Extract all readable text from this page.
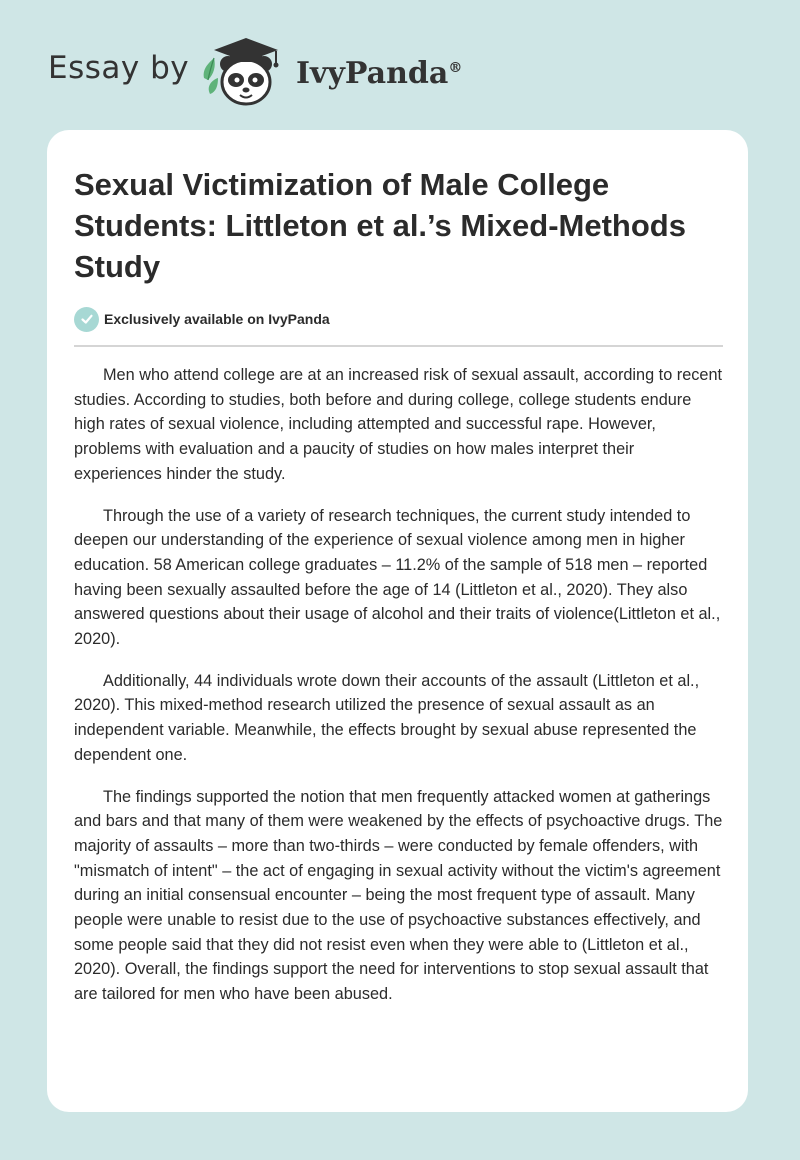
Essay by	IvyPanda®
Sexual Victimization of Male College Students: Littleton et al.’s Mixed-Methods Study
Exclusively available on IvyPanda

Men who attend college are at an increased risk of sexual assault, according to recent studies. According to studies, both before and during college, college students endure high rates of sexual violence, including attempted and successful rape. However, problems with evaluation and a paucity of studies on how males interpret their experiences hinder the study.

Through the use of a variety of research techniques, the current study intended to deepen our understanding of the experience of sexual violence among men in higher education. 58 American college graduates – 11.2% of the sample of 518 men – reported having been sexually assaulted before the age of 14 (Littleton et al., 2020). They also answered questions about their usage of alcohol and their traits of violence(Littleton et al., 2020).

Additionally, 44 individuals wrote down their accounts of the assault (Littleton et al., 2020). This mixed-method research utilized the presence of sexual assault as an independent variable. Meanwhile, the effects brought by sexual abuse represented the dependent one.

The findings supported the notion that men frequently attacked women at gatherings and bars and that many of them were weakened by the effects of psychoactive drugs. The majority of assaults – more than two-thirds – were conducted by female offenders, with "mismatch of intent" – the act of engaging in sexual activity without the victim's agreement during an initial consensual encounter – being the most frequent type of assault. Many people were unable to resist due to the use of psychoactive substances effectively, and some people said that they did not resist even when they were able to (Littleton et al., 2020). Overall, the findings support the need for interventions to stop sexual assault that are tailored for men who have been abused.
